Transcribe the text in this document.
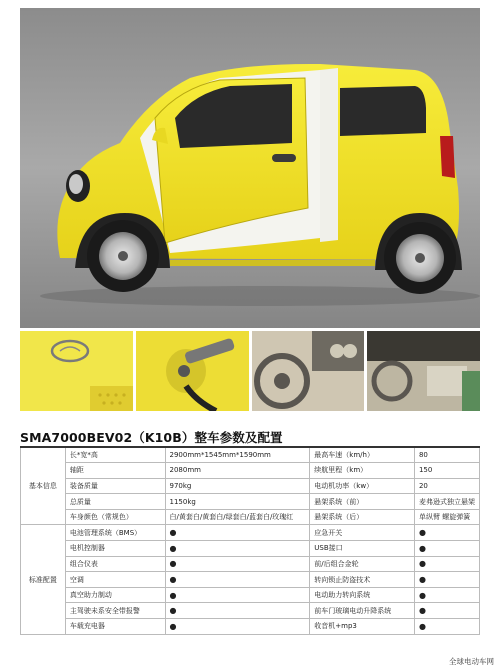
SMA7000BEV02（K10B）整车参数及配置
基本信息	长*宽*高	2900mm*1545mm*1590mm	最高车速（km/h）	80
	轴距	2080mm	续航里程（km）	150
	装备质量	970kg	电动机功率（kw）	20
	总质量	1150kg	悬架系统（前）	麦弗逊式独立悬架
	车身颜色（常规色）	白/黄套白/黄套白/绿套白/蓝套白/玫瑰红	悬架系统（后）	单纵臂 螺旋弹簧
标准配置	电池管理系统（BMS）	●	应急开关	●
	电机控制器	●	USB接口	●
	组合仪表	●	前/后组合金轮	●
	空调	●	转向锁止防盗技术	●
	真空助力制动	●	电动助力转向系统	●
	主驾驶未系安全带报警	●	前车门玻璃电动升降系统	●
	车载充电器	●	收音机+mp3	●
全球电动车网
